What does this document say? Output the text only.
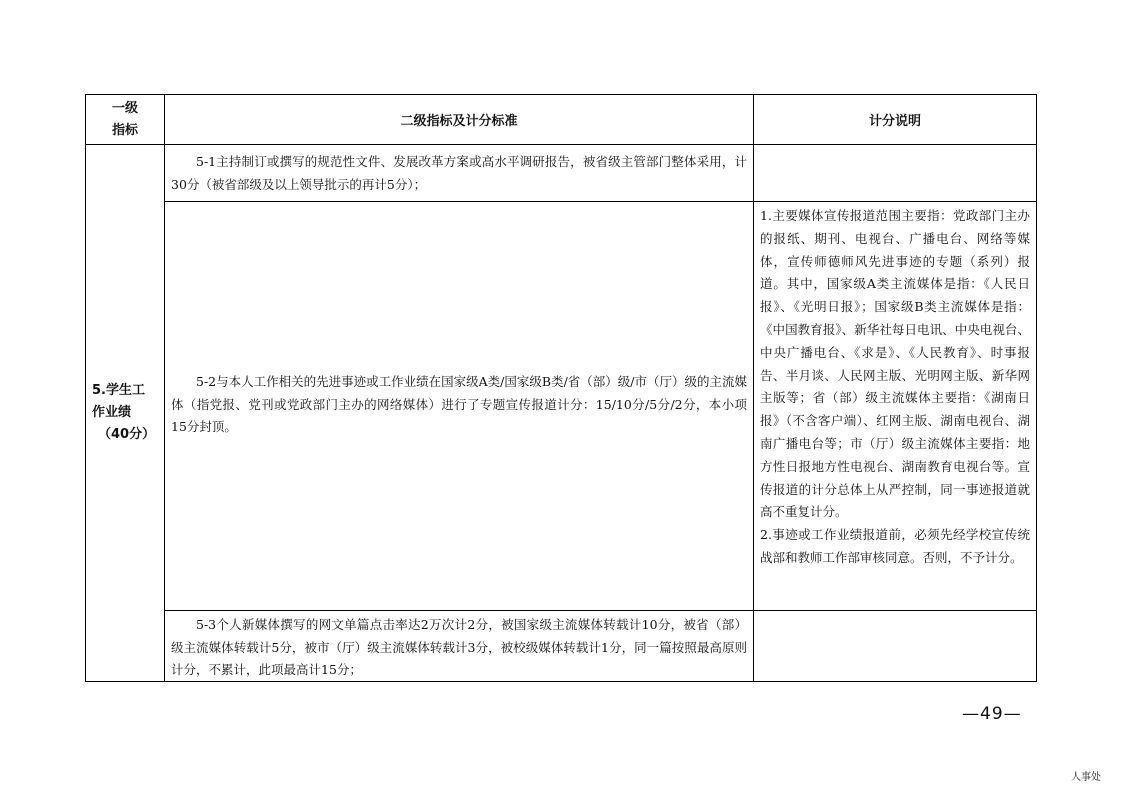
一级
指标
二级指标及计分标准	计分说明
5.学生工
作业绩
（40分）
5-1主持制订或撰写的规范性文件、发展改革方案或高水平调研报告，被省级主管部门整体采用，计30分（被省部级及以上领导批示的再计5分）；
5-2与本人工作相关的先进事迹或工作业绩在国家级A类/国家级B类/省（部）级/市（厅）级的主流媒体（指党报、党刊或党政部门主办的网络媒体）进行了专题宣传报道计分：15/10分/5分/2分，本小项15分封顶。

1.主要媒体宣传报道范围主要指：党政部门主办的报纸、期刊、电视台、广播电台、网络等媒体，宣传师德师风先进事迹的专题（系列）报道。其中，国家级A类主流媒体是指：《人民日报》、《光明日报》；国家级B类主流媒体是指：《中国教育报》、新华社每日电讯、中央电视台、中央广播电台、《求是》、《人民教育》、时事报告、半月谈、人民网主版、光明网主版、新华网主版等；省（部）级主流媒体主要指：《湖南日报》（不含客户端）、红网主版、湖南电视台、湖南广播电台等；市（厅）级主流媒体主要指：地方性日报地方性电视台、湖南教育电视台等。宣传报道的计分总体上从严控制，同一事迹报道就高不重复计分。

2.事迹或工作业绩报道前，必须先经学校宣传统战部和教师工作部审核同意。否则，不予计分。

5-3个人新媒体撰写的网文单篇点击率达2万次计2分，被国家级主流媒体转载计10分，被省（部）级主流媒体转载计5分，被市（厅）级主流媒体转载计3分，被校级媒体转载计1分，同一篇按照最高原则计分，不累计，此项最高计15分；
—49—
人事处
